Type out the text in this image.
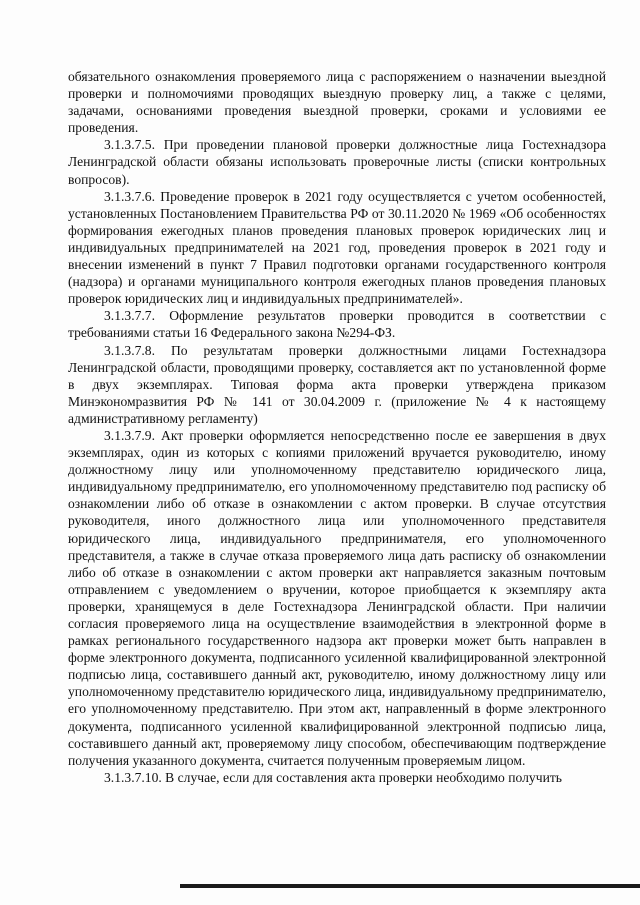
обязательного ознакомления проверяемого лица с распоряжением о назначении выездной проверки и полномочиями проводящих выездную проверку лиц, а также с целями, задачами, основаниями проведения выездной проверки, сроками и условиями ее проведения.

3.1.3.7.5. При проведении плановой проверки должностные лица Гостехнадзора Ленинградской области обязаны использовать проверочные листы (списки контрольных вопросов).

3.1.3.7.6. Проведение проверок в 2021 году осуществляется с учетом особенностей, установленных Постановлением Правительства РФ от 30.11.2020 № 1969 «Об особенностях формирования ежегодных планов проведения плановых проверок юридических лиц и индивидуальных предпринимателей на 2021 год, проведения проверок в 2021 году и внесении изменений в пункт 7 Правил подготовки органами государственного контроля (надзора) и органами муниципального контроля ежегодных планов проведения плановых проверок юридических лиц и индивидуальных предпринимателей».

3.1.3.7.7. Оформление результатов проверки проводится в соответствии с требованиями статьи 16 Федерального закона №294-ФЗ.

3.1.3.7.8. По результатам проверки должностными лицами Гостехнадзора Ленинградской области, проводящими проверку, составляется акт по установленной форме в двух экземплярах. Типовая форма акта проверки утверждена приказом Минэкономразвития РФ № 141 от 30.04.2009 г. (приложение № 4 к настоящему административному регламенту)

3.1.3.7.9. Акт проверки оформляется непосредственно после ее завершения в двух экземплярах, один из которых с копиями приложений вручается руководителю, иному должностному лицу или уполномоченному представителю юридического лица, индивидуальному предпринимателю, его уполномоченному представителю под расписку об ознакомлении либо об отказе в ознакомлении с актом проверки. В случае отсутствия руководителя, иного должностного лица или уполномоченного представителя юридического лица, индивидуального предпринимателя, его уполномоченного представителя, а также в случае отказа проверяемого лица дать расписку об ознакомлении либо об отказе в ознакомлении с актом проверки акт направляется заказным почтовым отправлением с уведомлением о вручении, которое приобщается к экземпляру акта проверки, хранящемуся в деле Гостехнадзора Ленинградской области. При наличии согласия проверяемого лица на осуществление взаимодействия в электронной форме в рамках регионального государственного надзора акт проверки может быть направлен в форме электронного документа, подписанного усиленной квалифицированной электронной подписью лица, составившего данный акт, руководителю, иному должностному лицу или уполномоченному представителю юридического лица, индивидуальному предпринимателю, его уполномоченному представителю. При этом акт, направленный в форме электронного документа, подписанного усиленной квалифицированной электронной подписью лица, составившего данный акт, проверяемому лицу способом, обеспечивающим подтверждение получения указанного документа, считается полученным проверяемым лицом.

3.1.3.7.10. В случае, если для составления акта проверки необходимо получить
